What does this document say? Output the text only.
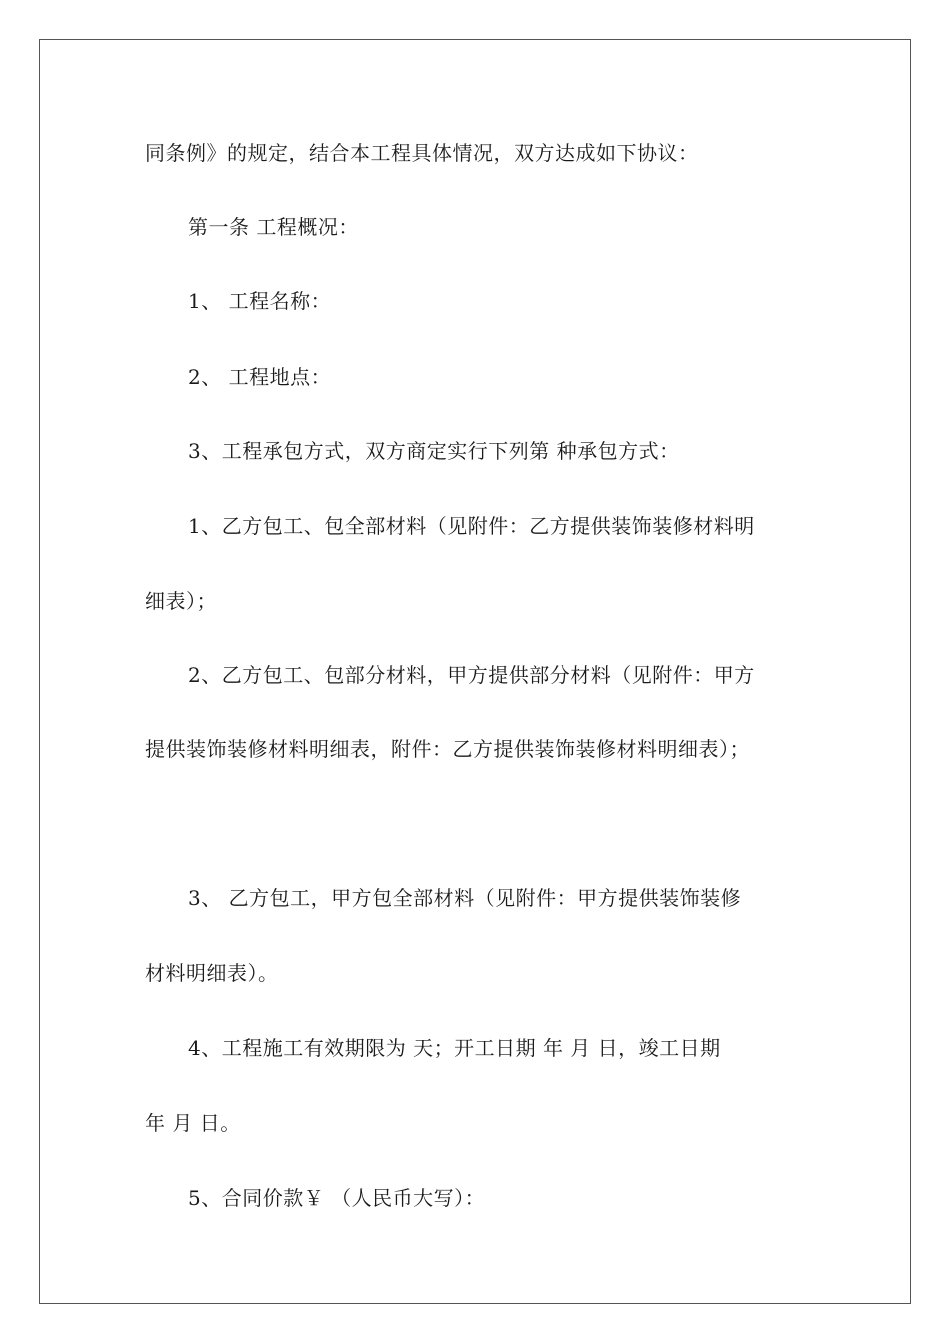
同条例》的规定，结合本工程具体情况，双方达成如下协议：
第一条 工程概况：
1、 工程名称：
2、 工程地点：
3、工程承包方式，双方商定实行下列第 种承包方式：
1、乙方包工、包全部材料（见附件：乙方提供装饰装修材料明
细表）；
2、乙方包工、包部分材料，甲方提供部分材料（见附件：甲方
提供装饰装修材料明细表，附件：乙方提供装饰装修材料明细表）；
3、 乙方包工，甲方包全部材料（见附件：甲方提供装饰装修
材料明细表）。
4、工程施工有效期限为 天；开工日期 年 月 日，竣工日期
年 月 日。
5、合同价款￥ （人民币大写）：
